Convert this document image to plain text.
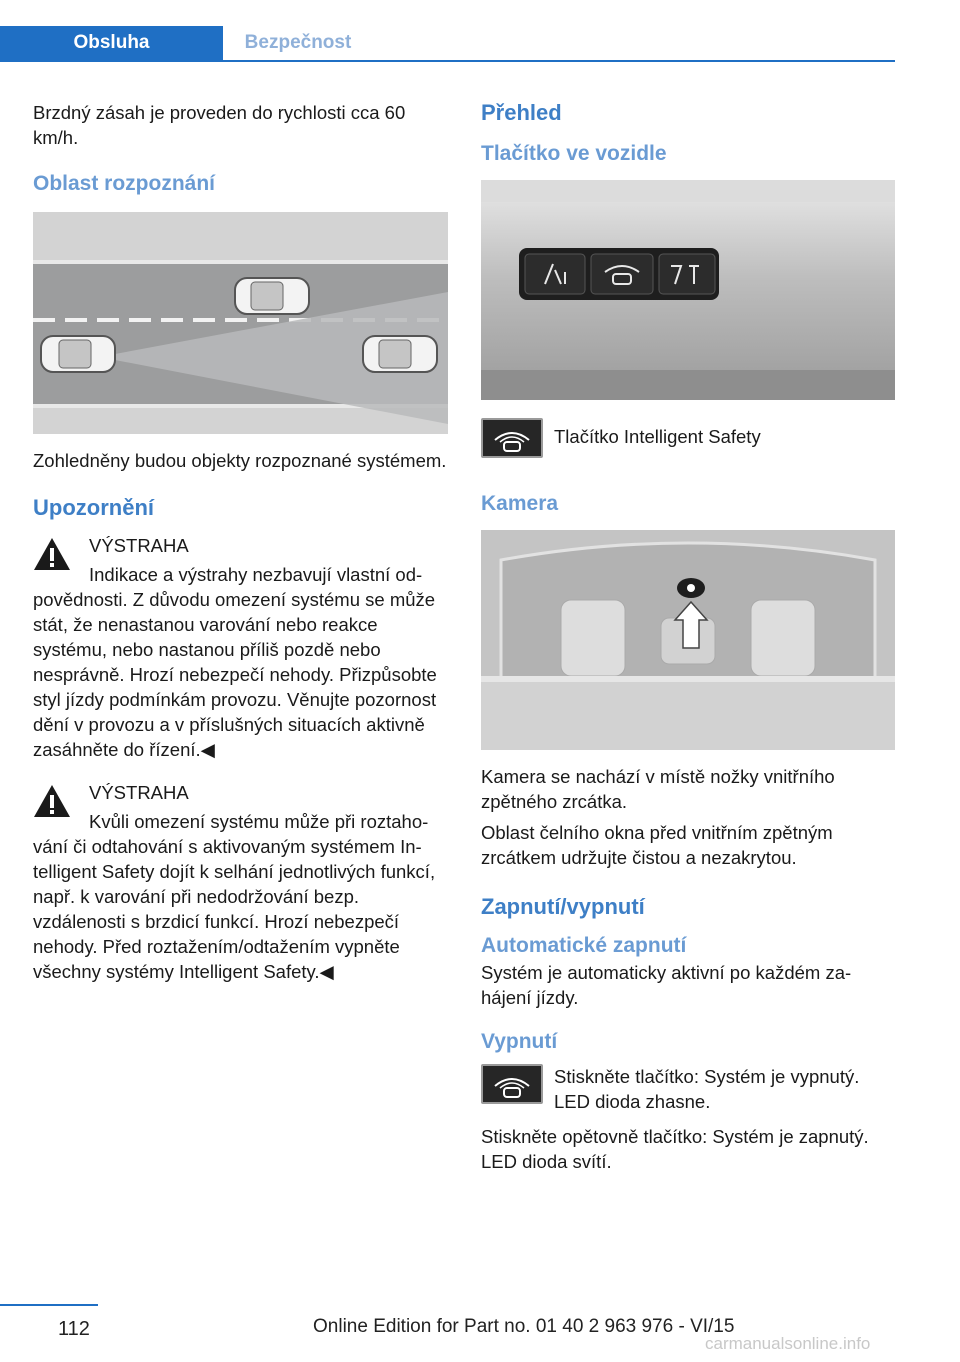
Obsluha	Bezpečnost

Brzdný zásah je proveden do rychlosti cca 60 km/h.

Oblast rozpoznání

Zohledněny budou objekty rozpoznané systémem.

Upozornění
VÝSTRAHA
Indikace a výstrahy nezbavují vlastní odpovědnosti. Z důvodu omezení systému se může stát, že nenastanou varování nebo reakce systému, nebo nastanou příliš pozdě nebo nesprávně. Hrozí nebezpečí nehody. Přizpůsobte styl jízdy podmínkám provozu. Věnujte pozornost dění v provozu a v příslušných situacích aktivně zasáhněte do řízení.◀
VÝSTRAHA
Kvůli omezení systému může při roztahování či odtahování s aktivovaným systémem Intelligent Safety dojít k selhání jednotlivých funkcí, např. k varování při nedodržování bezp. vzdálenosti s brzdicí funkcí. Hrozí nebezpečí nehody. Před roztažením/odtažením vypněte všechny systémy Intelligent Safety.◀
Přehled
Tlačítko ve vozidle

Tlačítko Intelligent Safety

Kamera

Kamera se nachází v místě nožky vnitřního zpětného zrcátka.

Oblast čelního okna před vnitřním zpětným zrcátkem udržujte čistou a nezakrytou.

Zapnutí/vypnutí
Automatické zapnutí

Systém je automaticky aktivní po každém zahájení jízdy.

Vypnutí

Stiskněte tlačítko: Systém je vypnutý. LED dioda zhasne.

Stiskněte opětovně tlačítko: Systém je zapnutý. LED dioda svítí.

112	Online Edition for Part no. 01 40 2 963 976 - VI/15
carmanualsonline.info
